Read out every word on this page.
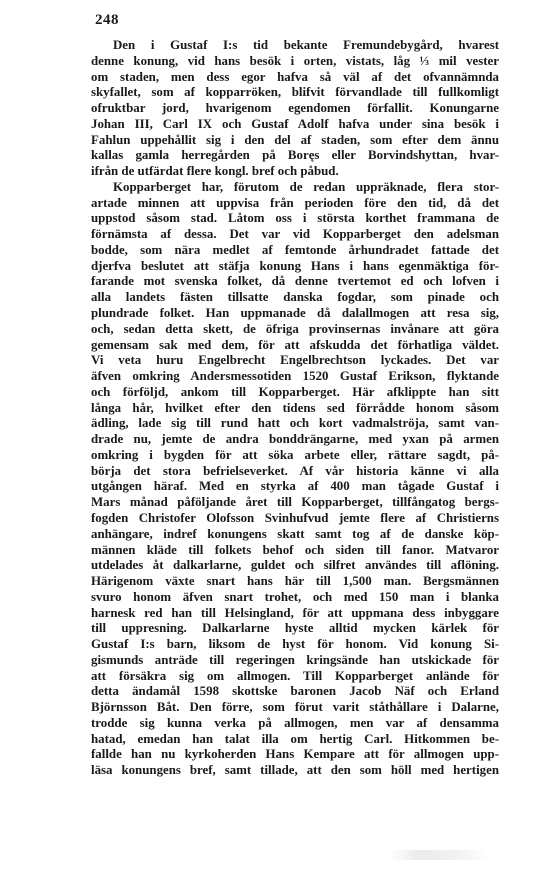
248
Den i Gustaf I:s tid bekante Fremundebygård, hvarest
denne konung, vid hans besök i orten, vistats, låg ⅓ mil vester
om staden, men dess egor hafva så väl af det ofvannämnda
skyfallet, som af kopparröken, blifvit förvandlade till fullkomligt
ofruktbar jord, hvarigenom egendomen förfallit. Konungarne
Johan III, Carl IX och Gustaf Adolf hafva under sina besök i
Fahlun uppehållit sig i den del af staden, som efter dem ännu
kallas gamla herregården på Boręs eller Borvindshyttan, hvar-
ifrån de utfärdat flere kongl. bref och påbud.
Kopparberget har, förutom de redan uppräknade, flera stor-
artade minnen att uppvisa från perioden före den tid, då det
uppstod såsom stad. Låtom oss i största korthet frammana de
förnämsta af dessa. Det var vid Kopparberget den adelsman
bodde, som nära medlet af femtonde århundradet fattade det
djerfva beslutet att stäfja konung Hans i hans egenmäktiga för-
farande mot svenska folket, då denne tvertemot ed och lofven i
alla landets fästen tillsatte danska fogdar, som pinade och
plundrade folket. Han uppmanade då dalallmogen att resa sig,
och, sedan detta skett, de öfriga provinsernas invånare att göra
gemensam sak med dem, för att afskudda det förhatliga väldet.
Vi veta huru Engelbrecht Engelbrechtson lyckades. Det var
äfven omkring Andersmessotiden 1520 Gustaf Erikson, flyktande
och förföljd, ankom till Kopparberget. Här afklippte han sitt
långa hår, hvilket efter den tidens sed förrådde honom såsom
ädling, lade sig till rund hatt och kort vadmalströja, samt van-
drade nu, jemte de andra bonddrängarne, med yxan på armen
omkring i bygden för att söka arbete eller, rättare sagdt, på-
börja det stora befrielseverket. Af vår historia känne vi alla
utgången häraf. Med en styrka af 400 man tågade Gustaf i
Mars månad påföljande året till Kopparberget, tillfångatog bergs-
fogden Christofer Olofsson Svinhufvud jemte flere af Christierns
anhängare, indref konungens skatt samt tog af de danske köp-
männen kläde till folkets behof och siden till fanor. Matvaror
utdelades åt dalkarlarne, guldet och silfret användes till aflöning.
Härigenom växte snart hans här till 1,500 man. Bergsmännen
svuro honom äfven snart trohet, och med 150 man i blanka
harnesk red han till Helsingland, för att uppmana dess inbyggare
till uppresning. Dalkarlarne hyste alltid mycken kärlek för
Gustaf I:s barn, liksom de hyst för honom. Vid konung Si-
gismunds anträde till regeringen kringsände han utskickade för
att försäkra sig om allmogen. Till Kopparberget anlände för
detta ändamål 1598 skottske baronen Jacob Näf och Erland
Björnsson Båt. Den förre, som förut varit ståthållare i Dalarne,
trodde sig kunna verka på allmogen, men var af densamma
hatad, emedan han talat illa om hertig Carl. Hitkommen be-
fallde han nu kyrkoherden Hans Kempare att för allmogen upp-
läsa konungens bref, samt tillade, att den som höll med hertigen
